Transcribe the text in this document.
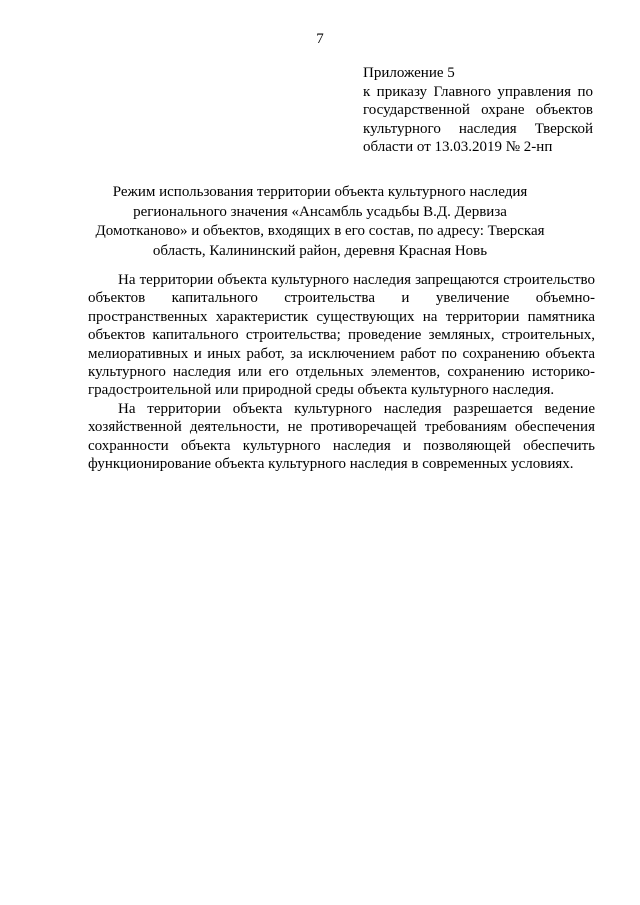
7
Приложение 5
к приказу Главного управления по
государственной охране объектов
культурного наследия Тверской
области от 13.03.2019 № 2-нп
Режим использования территории объекта культурного наследия регионального значения «Ансамбль усадьбы В.Д. Дервиза Домотканово» и объектов, входящих в его состав, по адресу: Тверская область, Калининский район, деревня Красная Новь

На территории объекта культурного наследия запрещаются строительство объектов капитального строительства и увеличение объемно-пространственных характеристик существующих на территории памятника объектов капитального строительства; проведение земляных, строительных, мелиоративных и иных работ, за исключением работ по сохранению объекта культурного наследия или его отдельных элементов, сохранению историко-градостроительной или природной среды объекта культурного наследия.

На территории объекта культурного наследия разрешается ведение хозяйственной деятельности, не противоречащей требованиям обеспечения сохранности объекта культурного наследия и позволяющей обеспечить функционирование объекта культурного наследия в современных условиях.
